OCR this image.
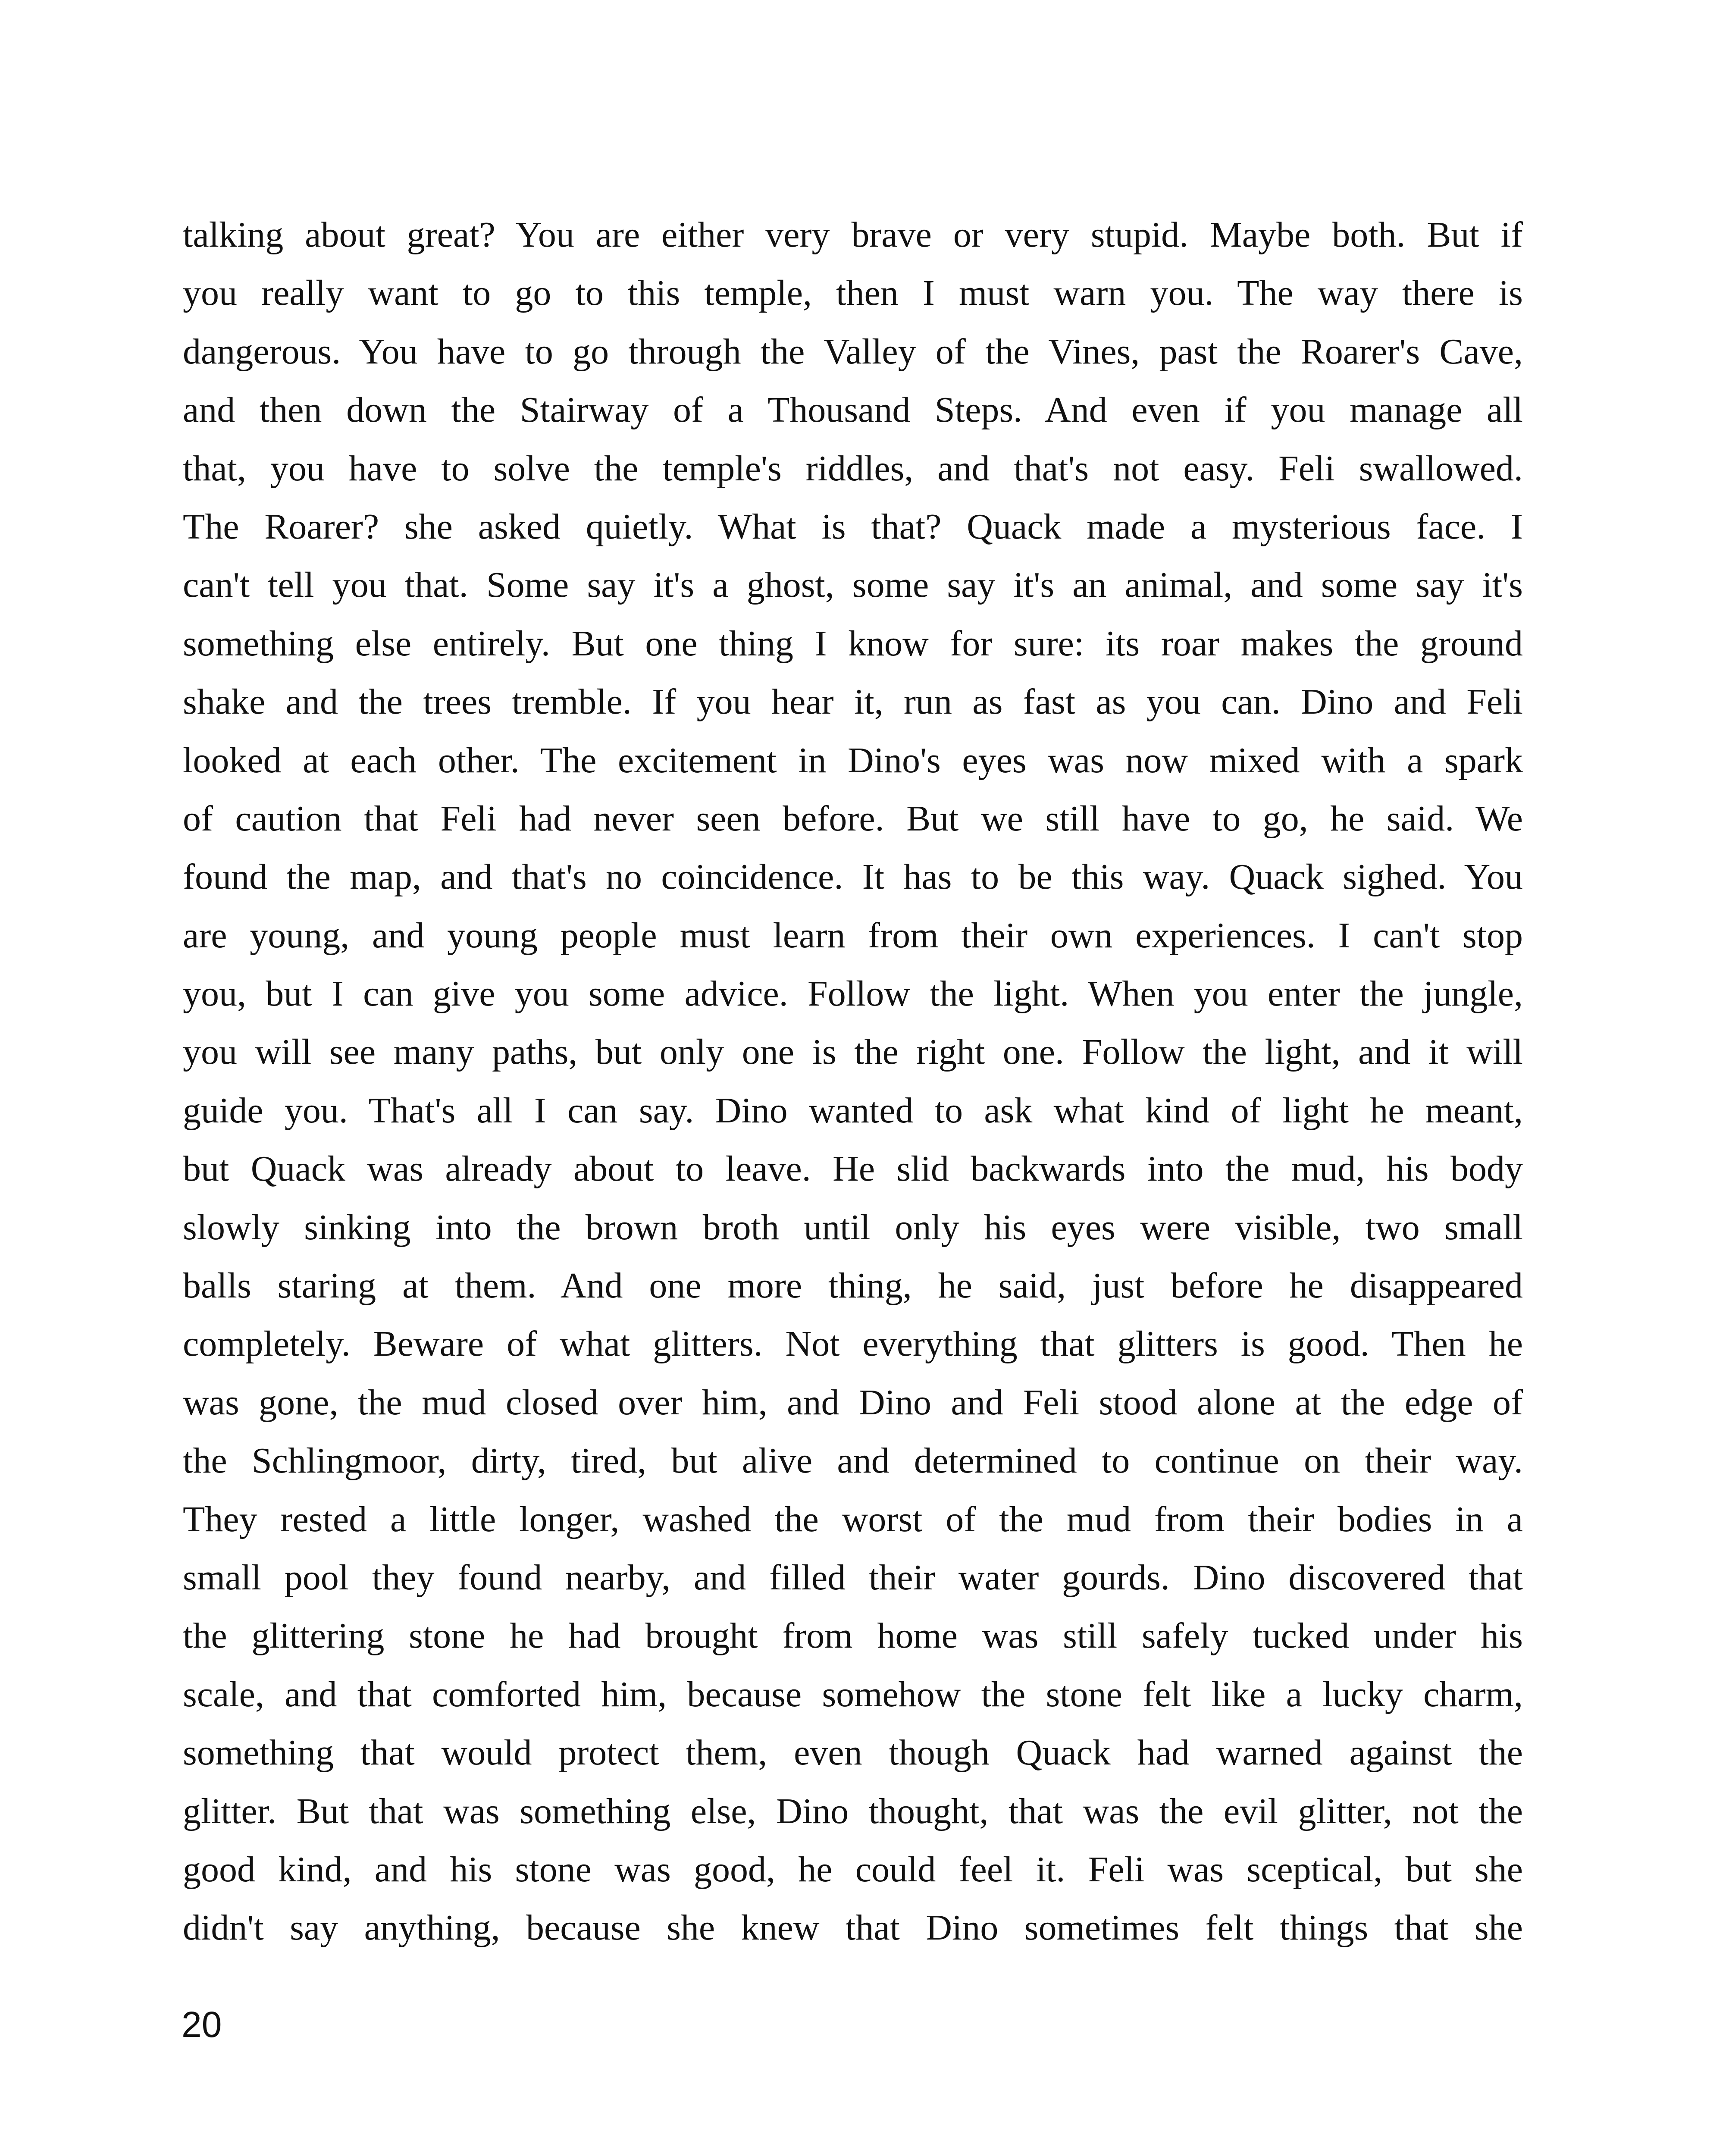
talking about great? You are either very brave or very stupid. Maybe both. But if
you really want to go to this temple, then I must warn you. The way there is
dangerous. You have to go through the Valley of the Vines, past the Roarer's Cave,
and then down the Stairway of a Thousand Steps. And even if you manage all
that, you have to solve the temple's riddles, and that's not easy. Feli swallowed.
The Roarer? she asked quietly. What is that? Quack made a mysterious face. I
can't tell you that. Some say it's a ghost, some say it's an animal, and some say it's
something else entirely. But one thing I know for sure: its roar makes the ground
shake and the trees tremble. If you hear it, run as fast as you can. Dino and Feli
looked at each other. The excitement in Dino's eyes was now mixed with a spark
of caution that Feli had never seen before. But we still have to go, he said. We
found the map, and that's no coincidence. It has to be this way. Quack sighed. You
are young, and young people must learn from their own experiences. I can't stop
you, but I can give you some advice. Follow the light. When you enter the jungle,
you will see many paths, but only one is the right one. Follow the light, and it will
guide you. That's all I can say. Dino wanted to ask what kind of light he meant,
but Quack was already about to leave. He slid backwards into the mud, his body
slowly sinking into the brown broth until only his eyes were visible, two small
balls staring at them. And one more thing, he said, just before he disappeared
completely. Beware of what glitters. Not everything that glitters is good. Then he
was gone, the mud closed over him, and Dino and Feli stood alone at the edge of
the Schlingmoor, dirty, tired, but alive and determined to continue on their way.
They rested a little longer, washed the worst of the mud from their bodies in a
small pool they found nearby, and filled their water gourds. Dino discovered that
the glittering stone he had brought from home was still safely tucked under his
scale, and that comforted him, because somehow the stone felt like a lucky charm,
something that would protect them, even though Quack had warned against the
glitter. But that was something else, Dino thought, that was the evil glitter, not the
good kind, and his stone was good, he could feel it. Feli was sceptical, but she
didn't say anything, because she knew that Dino sometimes felt things that she
20
